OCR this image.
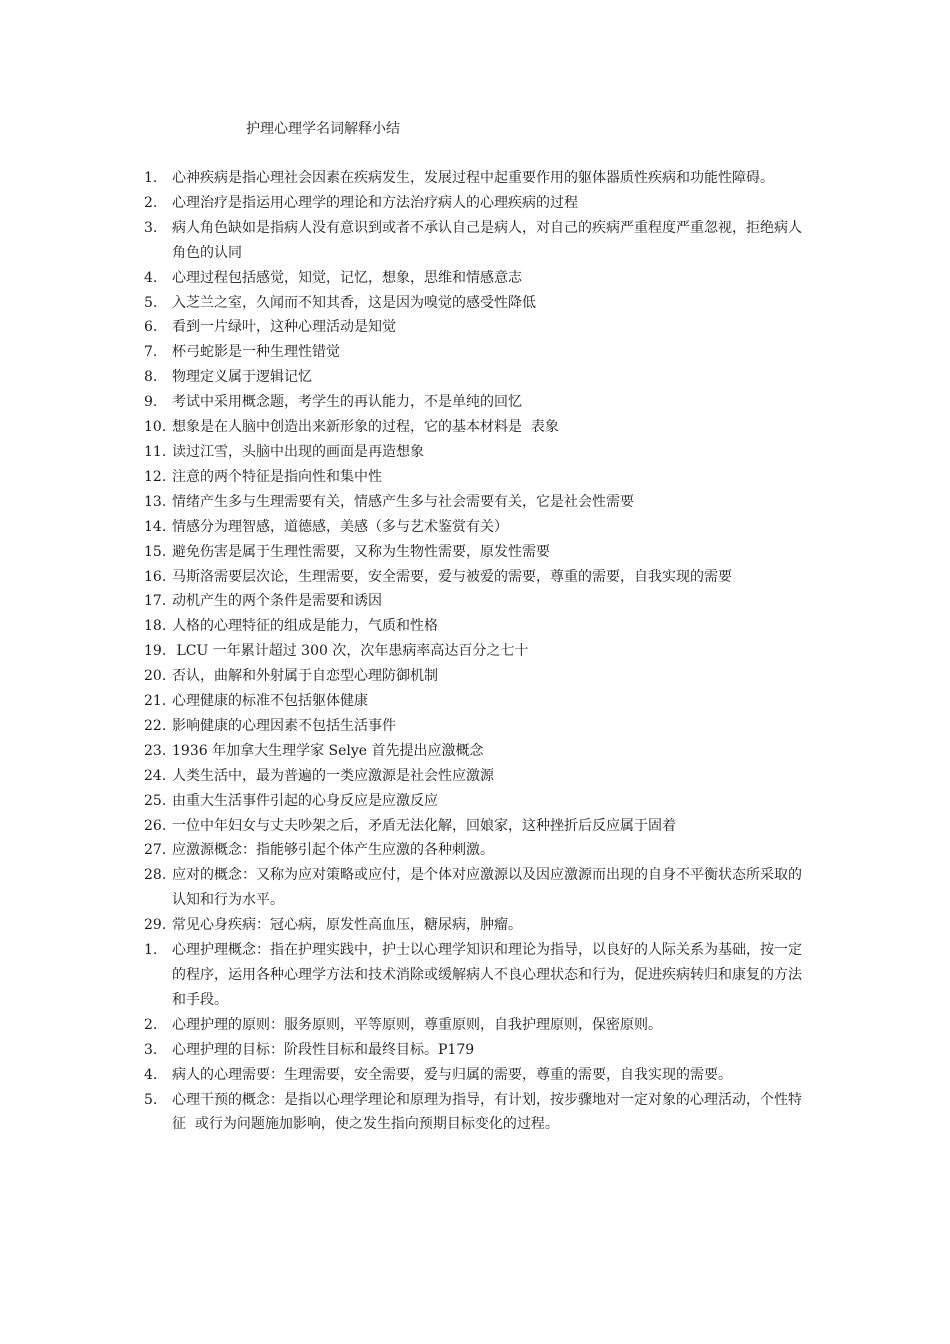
护理心理学名词解释小结
1.	心神疾病是指心理社会因素在疾病发生，发展过程中起重要作用的躯体器质性疾病和功能性障碍。
2.	心理治疗是指运用心理学的理论和方法治疗病人的心理疾病的过程
3.	病人角色缺如是指病人没有意识到或者不承认自己是病人，对自己的疾病严重程度严重忽视，拒绝病人角色的认同
4.	心理过程包括感觉，知觉，记忆，想象，思维和情感意志
5.	入芝兰之室，久闻而不知其香，这是因为嗅觉的感受性降低
6.	看到一片绿叶，这种心理活动是知觉
7.	杯弓蛇影是一种生理性错觉
8.	物理定义属于逻辑记忆
9.	考试中采用概念题，考学生的再认能力，不是单纯的回忆
10. 想象是在人脑中创造出来新形象的过程，它的基本材料是  表象
11. 读过江雪，头脑中出现的画面是再造想象
12. 注意的两个特征是指向性和集中性
13. 情绪产生多与生理需要有关，情感产生多与社会需要有关，它是社会性需要
14. 情感分为理智感，道德感，美感（多与艺术鉴赏有关）
15. 避免伤害是属于生理性需要，又称为生物性需要，原发性需要
16. 马斯洛需要层次论，生理需要，安全需要，爱与被爱的需要，尊重的需要，自我实现的需要
17. 动机产生的两个条件是需要和诱因
18. 人格的心理特征的组成是能力，气质和性格
19. LCU 一年累计超过 300 次，次年患病率高达百分之七十
20. 否认，曲解和外射属于自恋型心理防御机制
21. 心理健康的标准不包括躯体健康
22. 影响健康的心理因素不包括生活事件
23. 1936 年加拿大生理学家 Selye 首先提出应激概念
24. 人类生活中，最为普遍的一类应激源是社会性应激源
25. 由重大生活事件引起的心身反应是应激反应
26. 一位中年妇女与丈夫吵架之后，矛盾无法化解，回娘家，这种挫折后反应属于固着
27. 应激源概念：指能够引起个体产生应激的各种刺激。
28. 应对的概念：又称为应对策略或应付，是个体对应激源以及因应激源而出现的自身不平衡状态所采取的认知和行为水平。
29. 常见心身疾病：冠心病，原发性高血压，糖尿病，肿瘤。
1.	心理护理概念：指在护理实践中，护士以心理学知识和理论为指导，以良好的人际关系为基础，按一定的程序，运用各种心理学方法和技术消除或缓解病人不良心理状态和行为，促进疾病转归和康复的方法和手段。
2.	心理护理的原则：服务原则，平等原则，尊重原则，自我护理原则，保密原则。
3.	心理护理的目标：阶段性目标和最终目标。P179
4.	病人的心理需要：生理需要，安全需要，爱与归属的需要，尊重的需要，自我实现的需要。
5.	心理干预的概念：是指以心理学理论和原理为指导，有计划，按步骤地对一定对象的心理活动，个性特征  或行为问题施加影响，使之发生指向预期目标变化的过程。
